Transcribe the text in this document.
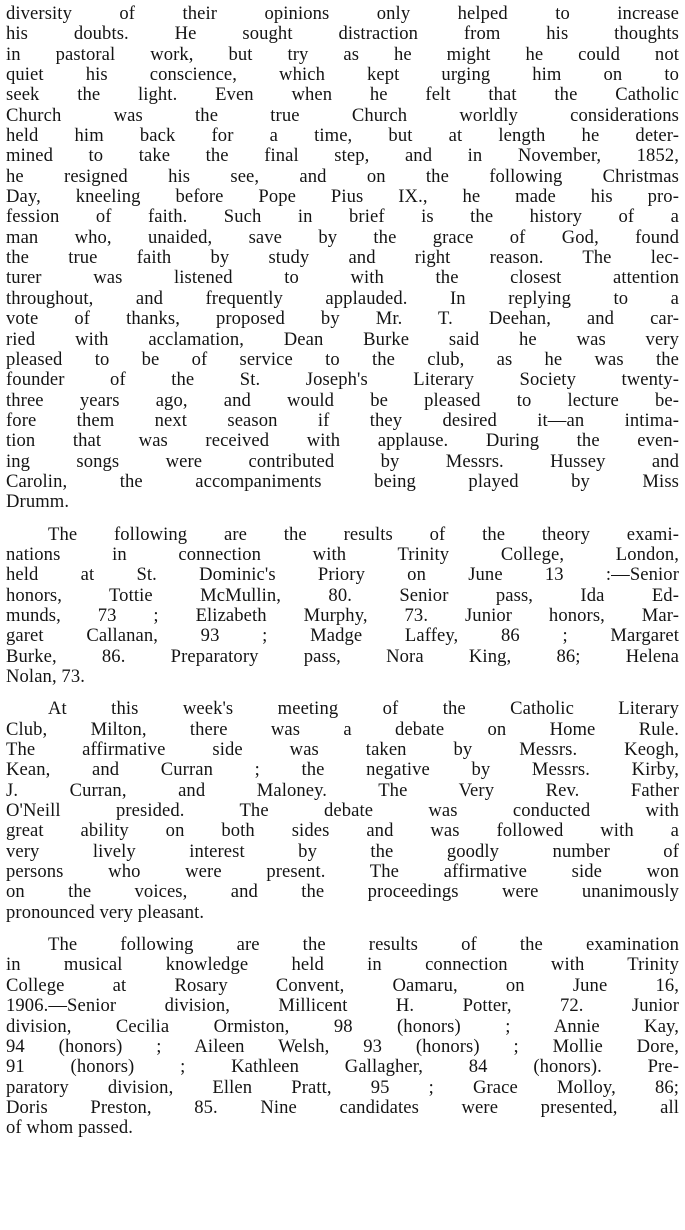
diversity of their opinions only helped to increase
his doubts. He sought distraction from his thoughts
in pastoral work, but try as he might he could not
quiet his conscience, which kept urging him on to
seek the light. Even when he felt that the Catholic
Church was the true Church worldly considerations
held him back for a time, but at length he deter-
mined to take the final step, and in November, 1852,
he resigned his see, and on the following Christmas
Day, kneeling before Pope Pius IX., he made his pro-
fession of faith. Such in brief is the history of a
man who, unaided, save by the grace of God, found
the true faith by study and right reason. The lec-
turer was listened to with the closest attention
throughout, and frequently applauded. In replying to a
vote of thanks, proposed by Mr. T. Deehan, and car-
ried with acclamation, Dean Burke said he was very
pleased to be of service to the club, as he was the
founder of the St. Joseph's Literary Society twenty-
three years ago, and would be pleased to lecture be-
fore them next season if they desired it—an intima-
tion that was received with applause. During the even-
ing songs were contributed by Messrs. Hussey and
Carolin, the accompaniments being played by Miss
Drumm.
The following are the results of the theory exami-
nations in connection with Trinity College, London,
held at St. Dominic's Priory on June 13 :—Senior
honors, Tottie McMullin, 80. Senior pass, Ida Ed-
munds, 73 ; Elizabeth Murphy, 73. Junior honors, Mar-
garet Callanan, 93 ; Madge Laffey, 86 ; Margaret
Burke, 86. Preparatory pass, Nora King, 86; Helena
Nolan, 73.
At this week's meeting of the Catholic Literary
Club, Milton, there was a debate on Home Rule.
The affirmative side was taken by Messrs. Keogh,
Kean, and Curran ; the negative by Messrs. Kirby,
J. Curran, and Maloney. The Very Rev. Father
O'Neill presided. The debate was conducted with
great ability on both sides and was followed with a
very lively interest by the goodly number of
persons who were present. The affirmative side won
on the voices, and the proceedings were unanimously
pronounced very pleasant.
The following are the results of the examination
in musical knowledge held in connection with Trinity
College at Rosary Convent, Oamaru, on June 16,
1906.—Senior division, Millicent H. Potter, 72. Junior
division, Cecilia Ormiston, 98 (honors) ; Annie Kay,
94 (honors) ; Aileen Welsh, 93 (honors) ; Mollie Dore,
91 (honors) ; Kathleen Gallagher, 84 (honors). Pre-
paratory division, Ellen Pratt, 95 ; Grace Molloy, 86;
Doris Preston, 85. Nine candidates were presented, all
of whom passed.
